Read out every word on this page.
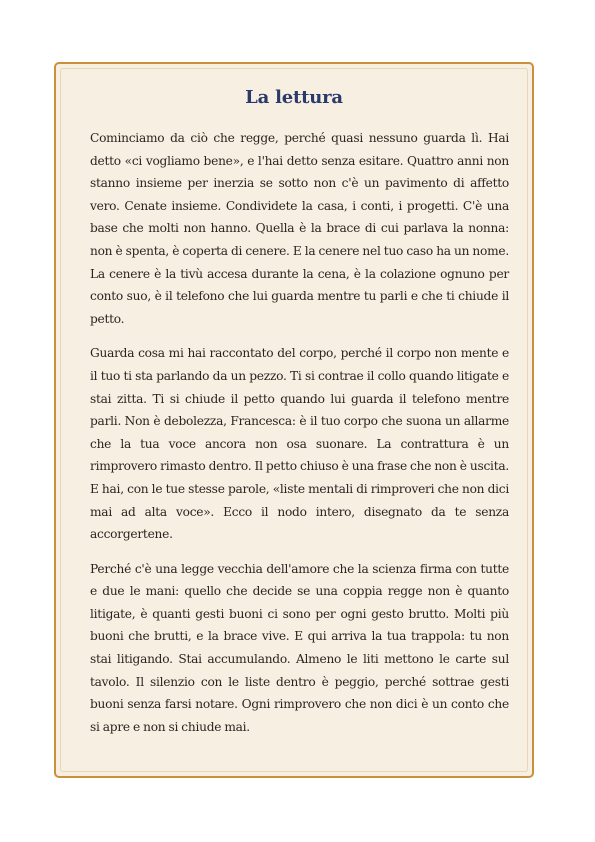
La lettura

Cominciamo da ciò che regge, perché quasi nessuno guarda lì. Hai detto «ci vogliamo bene», e l'hai detto senza esitare. Quattro anni non stanno insieme per inerzia se sotto non c'è un pavimento di affetto vero. Cenate insieme. Condividete la casa, i conti, i progetti. C'è una base che molti non hanno. Quella è la brace di cui parlava la nonna: non è spenta, è coperta di cenere. E la cenere nel tuo caso ha un nome. La cenere è la tivù accesa durante la cena, è la colazione ognuno per conto suo, è il telefono che lui guarda mentre tu parli e che ti chiude il petto.

Guarda cosa mi hai raccontato del corpo, perché il corpo non mente e il tuo ti sta parlando da un pezzo. Ti si contrae il collo quando litigate e stai zitta. Ti si chiude il petto quando lui guarda il telefono mentre parli. Non è debolezza, Francesca: è il tuo corpo che suona un allarme che la tua voce ancora non osa suonare. La contrattura è un rimprovero rimasto dentro. Il petto chiuso è una frase che non è uscita. E hai, con le tue stesse parole, «liste mentali di rimproveri che non dici mai ad alta voce». Ecco il nodo intero, disegnato da te senza accorgertene.

Perché c'è una legge vecchia dell'amore che la scienza firma con tutte e due le mani: quello che decide se una coppia regge non è quanto litigate, è quanti gesti buoni ci sono per ogni gesto brutto. Molti più buoni che brutti, e la brace vive. E qui arriva la tua trappola: tu non stai litigando. Stai accumulando. Almeno le liti mettono le carte sul tavolo. Il silenzio con le liste dentro è peggio, perché sottrae gesti buoni senza farsi notare. Ogni rimprovero che non dici è un conto che si apre e non si chiude mai.
